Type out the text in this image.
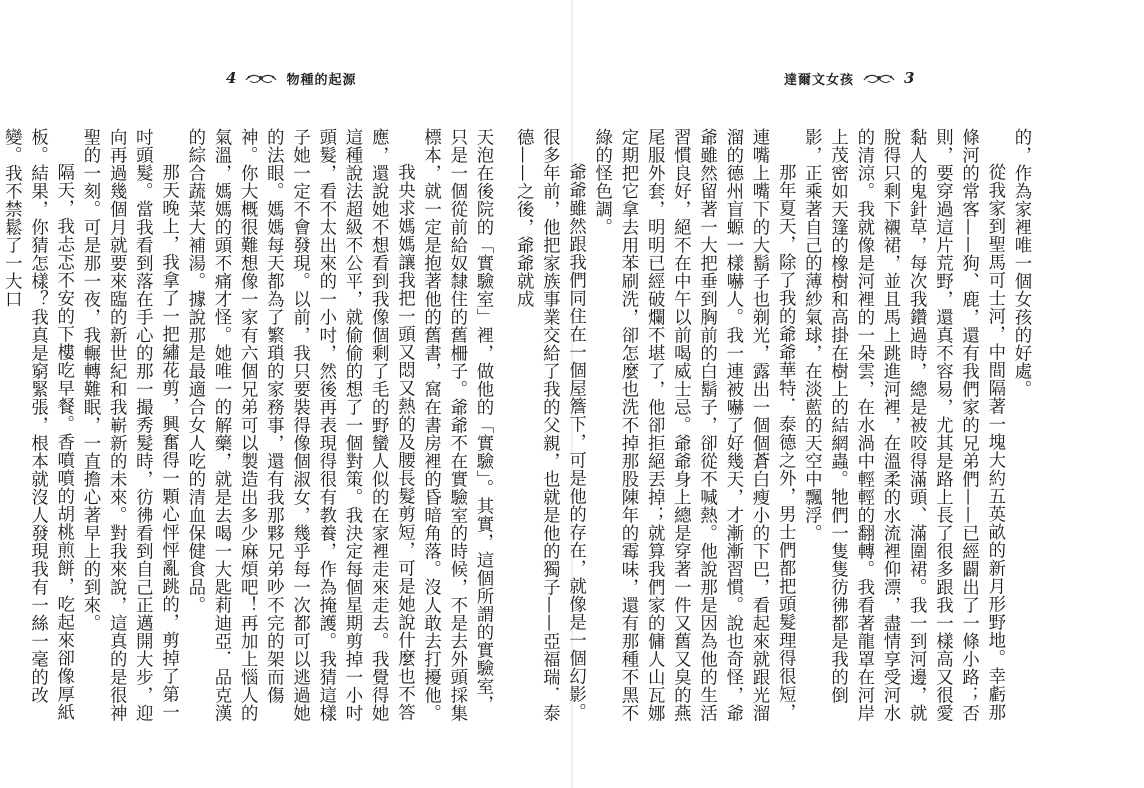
4	物種的起源

天泡在後院的「實驗室」裡，做他的「實驗」。其實，這個所謂的實驗室，只是一個從前給奴隸住的舊柵子。爺爺不在實驗室的時候，不是去外頭採集標本，就一定是抱著他的舊書，窩在書房裡的昏暗角落。沒人敢去打擾他。

我央求媽媽讓我把一頭又悶又熱的及腰長髮剪短，可是她說什麼也不答應，還說她不想看到我像個剩了毛的野蠻人似的在家裡走來走去。我覺得她這種說法超級不公平，就偷偷的想了一個對策。我決定每個星期剪掉一小吋頭髮，看不太出來的一小吋，然後再表現得很有教養，作為掩護。我猜這樣子她一定不會發現。以前，我只要裝得像個淑女，幾乎每一次都可以逃過她的法眼。媽媽每天都為了繁瑣的家務事，還有我那夥兄弟吵不完的架而傷神。你大概很難想像一家有六個兄弟可以製造出多少麻煩吧！再加上惱人的氣溫，媽媽的頭不痛才怪。她唯一的解藥，就是去喝一大匙莉迪亞．品克漢的綜合蔬菜大補湯。據說那是最適合女人吃的清血保健食品。

那天晚上，我拿了一把繡花剪，興奮得一顆心怦怦亂跳的，剪掉了第一吋頭髮。當我看到落在手心的那一撮秀髮時，彷彿看到自己正邁開大步，迎向再過幾個月就要來臨的新世紀和我嶄新的未來。對我來說，這真的是很神聖的一刻。可是那一夜，我輾轉難眠，一直擔心著早上的到來。

隔天，我忐忑不安的下樓吃早餐。香噴噴的胡桃煎餅，吃起來卻像厚紙板。結果，你猜怎樣？我真是窮緊張，根本就沒人發現我有一絲一毫的改變。我不禁鬆了一大口

達爾文女孩	3

的，作為家裡唯一個女孩的好處。

從我家到聖馬可士河，中間隔著一塊大約五英畝的新月形野地。幸虧那條河的常客——狗、鹿，還有我們家的兄弟們——已經闢出了一條小路；否則，要穿過這片荒野，還真不容易，尤其是路上長了很多跟我一樣高又很愛黏人的鬼針草，每次我鑽過時，總是被咬得滿頭、滿圍裙。我一到河邊，就脫得只剩下襯裙，並且馬上跳進河裡，在溫柔的水流裡仰漂，盡情享受河水的清涼。我就像是河裡的一朵雲，在水渦中輕輕的翻轉。我看著龍罩在河岸上茂密如天篷的橡樹和高掛在樹上的結網蟲。牠們一隻隻彷彿都是我的倒影，正乘著自己的薄紗氣球，在淡藍的天空中飄浮。

那年夏天，除了我的爺爺華特．泰德之外，男士們都把頭髮理得很短，連嘴上嘴下的大鬍子也剃光，露出一個個蒼白瘦小的下巴，看起來就跟光溜溜的德州盲螈一樣嚇人。我一連被嚇了好幾天，才漸漸習慣。說也奇怪，爺爺雖然留著一大把垂到胸前的白鬍子，卻從不喊熱。他說那是因為他的生活習慣良好，絕不在中午以前喝威士忌。爺爺身上總是穿著一件又舊又臭的燕尾服外套，明明已經破爛不堪了，他卻拒絕丟掉；就算我們家的傭人山瓦娜定期把它拿去用苯刷洗，卻怎麼也洗不掉那股陳年的霉味，還有那種不黑不綠的怪色調。

爺爺雖然跟我們同住在一個屋簷下，可是他的存在，就像是一個幻影。很多年前，他把家族事業交給了我的父親，也就是他的獨子——亞福瑞．泰德——之後，爺爺就成
